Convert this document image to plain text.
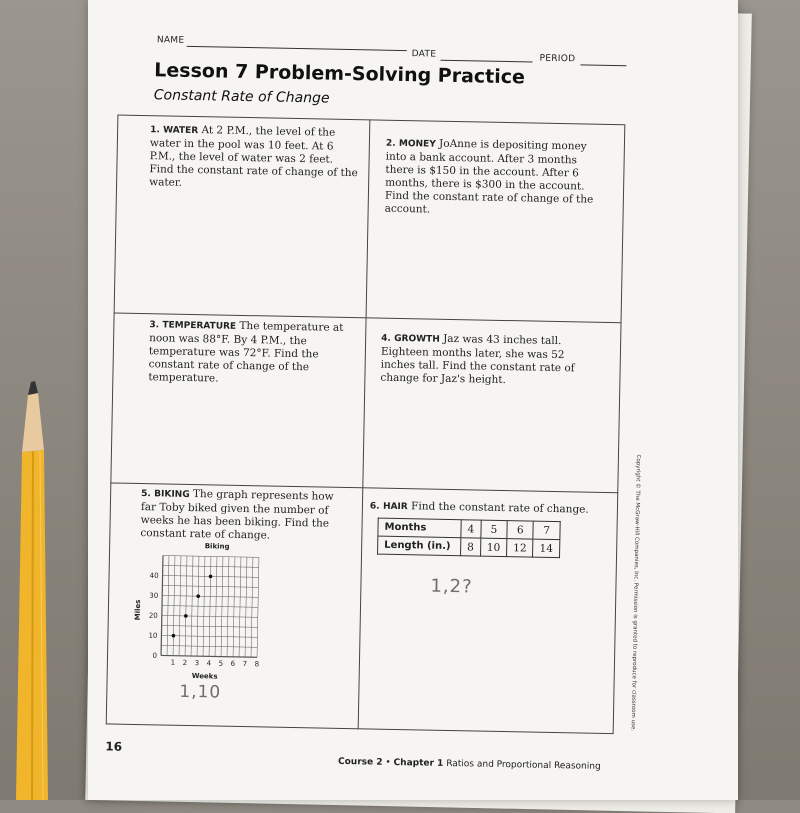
NAME
DATE	PERIOD
Lesson 7 Problem-Solving Practice
Constant Rate of Change

1. WATER At 2 P.M., the level of the water in the pool was 10 feet. At 6 P.M., the level of water was 2 feet. Find the constant rate of change of the water.

2. MONEY JoAnne is depositing money into a bank account. After 3 months there is $150 in the account. After 6 months, there is $300 in the account. Find the constant rate of change of the account.

3. TEMPERATURE The temperature at noon was 88°F. By 4 P.M., the temperature was 72°F. Find the constant rate of change of the temperature.

4. GROWTH Jaz was 43 inches tall. Eighteen months later, she was 52 inches tall. Find the constant rate of change for Jaz's height.

5. BIKING The graph represents how far Toby biked given the number of weeks he has been biking. Find the constant rate of change.

6. HAIR Find the constant rate of change.

Months	4	5	6	7
Length (in.)	8	10	12	14
Biking
Miles
Weeks
1 2 3 4 5 6 7 8
0
10
20
30
40
1,10
1,2?
16
Course 2 • Chapter 1 Ratios and Proportional Reasoning
Copyright © The McGraw-Hill Companies, Inc. Permission is granted to reproduce for classroom use.
